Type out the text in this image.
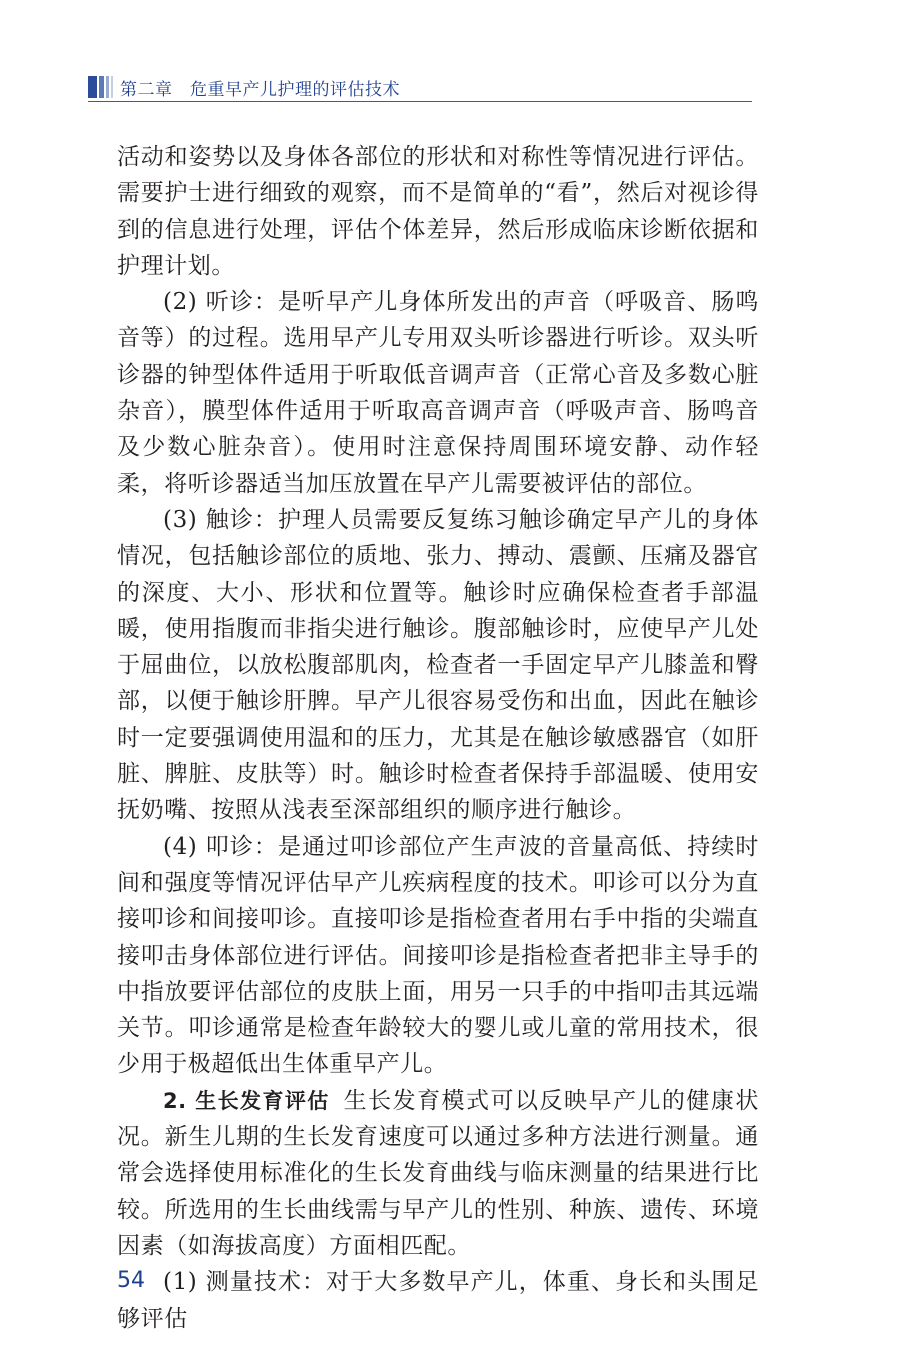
第二章　危重早产儿护理的评估技术

活动和姿势以及身体各部位的形状和对称性等情况进行评估。需要护士进行细致的观察，而不是简单的“看”，然后对视诊得到的信息进行处理，评估个体差异，然后形成临床诊断依据和护理计划。

(2) 听诊：是听早产儿身体所发出的声音（呼吸音、肠鸣音等）的过程。选用早产儿专用双头听诊器进行听诊。双头听诊器的钟型体件适用于听取低音调声音（正常心音及多数心脏杂音），膜型体件适用于听取高音调声音（呼吸声音、肠鸣音及少数心脏杂音）。使用时注意保持周围环境安静、动作轻柔，将听诊器适当加压放置在早产儿需要被评估的部位。

(3) 触诊：护理人员需要反复练习触诊确定早产儿的身体情况，包括触诊部位的质地、张力、搏动、震颤、压痛及器官的深度、大小、形状和位置等。触诊时应确保检查者手部温暖，使用指腹而非指尖进行触诊。腹部触诊时，应使早产儿处于屈曲位，以放松腹部肌肉，检查者一手固定早产儿膝盖和臀部，以便于触诊肝脾。早产儿很容易受伤和出血，因此在触诊时一定要强调使用温和的压力，尤其是在触诊敏感器官（如肝脏、脾脏、皮肤等）时。触诊时检查者保持手部温暖、使用安抚奶嘴、按照从浅表至深部组织的顺序进行触诊。

(4) 叩诊：是通过叩诊部位产生声波的音量高低、持续时间和强度等情况评估早产儿疾病程度的技术。叩诊可以分为直接叩诊和间接叩诊。直接叩诊是指检查者用右手中指的尖端直接叩击身体部位进行评估。间接叩诊是指检查者把非主导手的中指放要评估部位的皮肤上面，用另一只手的中指叩击其远端关节。叩诊通常是检查年龄较大的婴儿或儿童的常用技术，很少用于极超低出生体重早产儿。

2. 生长发育评估 生长发育模式可以反映早产儿的健康状况。新生儿期的生长发育速度可以通过多种方法进行测量。通常会选择使用标准化的生长发育曲线与临床测量的结果进行比较。所选用的生长曲线需与早产儿的性别、种族、遗传、环境因素（如海拔高度）方面相匹配。

(1) 测量技术：对于大多数早产儿，体重、身长和头围足够评估

54
